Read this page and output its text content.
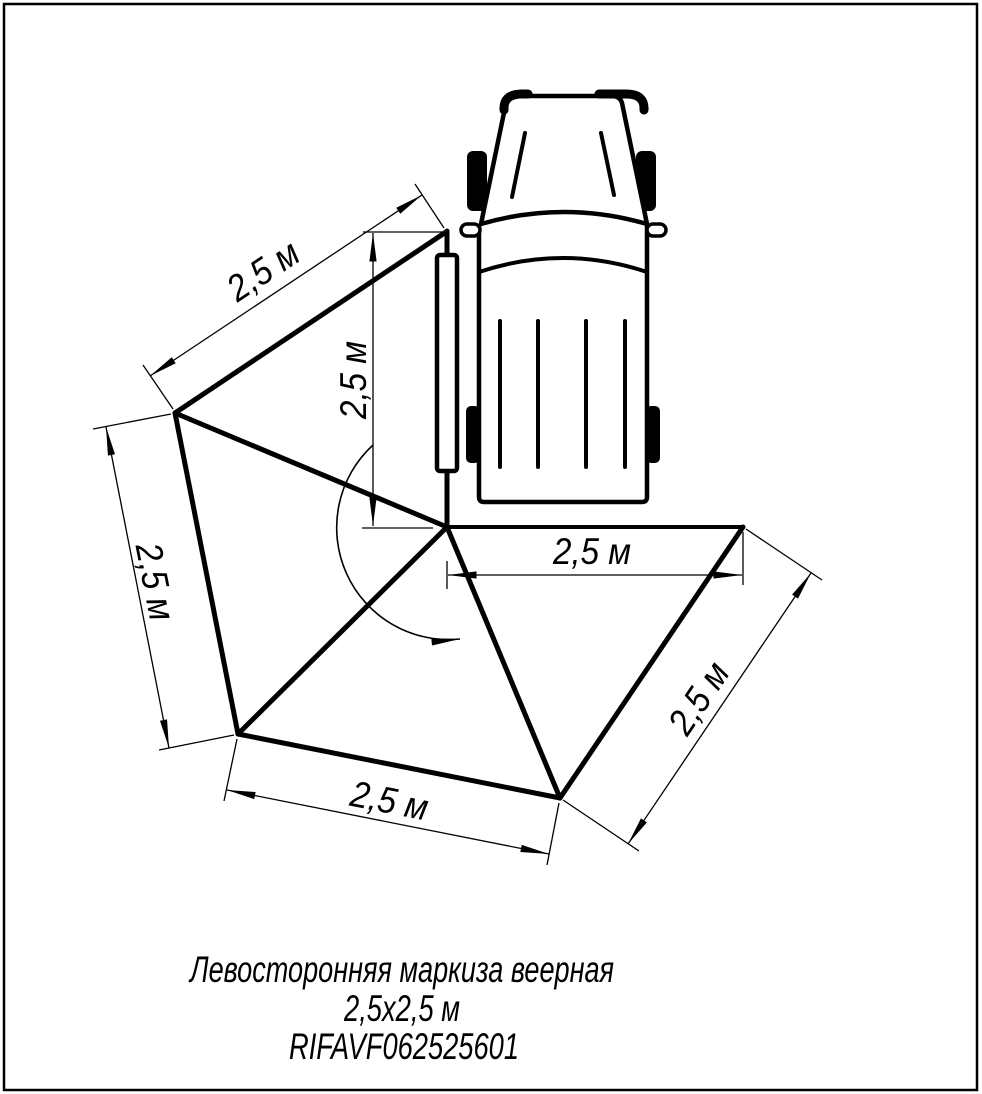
2,5 м
2,5 м
2,5 м
2,5 м
2,5 м
2,5 м
Левосторонняя маркиза веерная
2,5х2,5 м
RIFAVF062525601
